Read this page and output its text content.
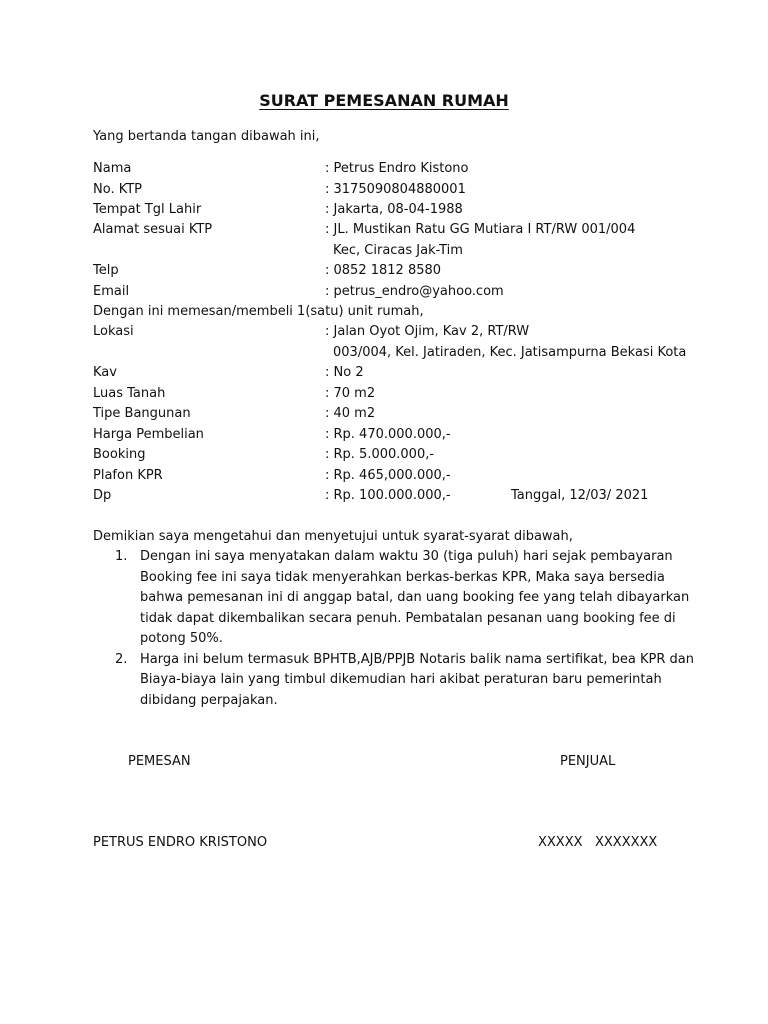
SURAT PEMESANAN RUMAH
Yang bertanda tangan dibawah ini,
Nama	: Petrus Endro Kistono
No. KTP	: 3175090804880001
Tempat Tgl Lahir	: Jakarta, 08-04-1988
Alamat sesuai KTP	: JL. Mustikan Ratu GG Mutiara I RT/RW 001/004
Kec, Ciracas Jak-Tim
Telp	: 0852 1812 8580
Email	: petrus_endro@yahoo.com
Dengan ini memesan/membeli 1(satu) unit rumah,
Lokasi	: Jalan Oyot Ojim, Kav 2, RT/RW
003/004, Kel. Jatiraden, Kec. Jatisampurna Bekasi Kota
Kav	: No 2
Luas Tanah	: 70 m2
Tipe Bangunan	: 40 m2
Harga Pembelian	: Rp. 470.000.000,-
Booking	: Rp. 5.000.000,-
Plafon KPR	: Rp. 465,000.000,-
Dp	: Rp. 100.000.000,-	Tanggal, 12/03/ 2021
Demikian saya mengetahui dan menyetujui untuk syarat-syarat dibawah,
1. Dengan ini saya menyatakan dalam waktu 30 (tiga puluh) hari sejak pembayaran
Booking fee ini saya tidak menyerahkan berkas-berkas KPR, Maka saya bersedia
bahwa pemesanan ini di anggap batal, dan uang booking fee yang telah dibayarkan
tidak dapat dikembalikan secara penuh. Pembatalan pesanan uang booking fee di
potong 50%.
2. Harga ini belum termasuk BPHTB,AJB/PPJB Notaris balik nama sertifikat, bea KPR dan
Biaya-biaya lain yang timbul dikemudian hari akibat peraturan baru pemerintah
dibidang perpajakan.
PEMESAN	PENJUAL
PETRUS ENDRO KRISTONO	XXXXX XXXXXXX
